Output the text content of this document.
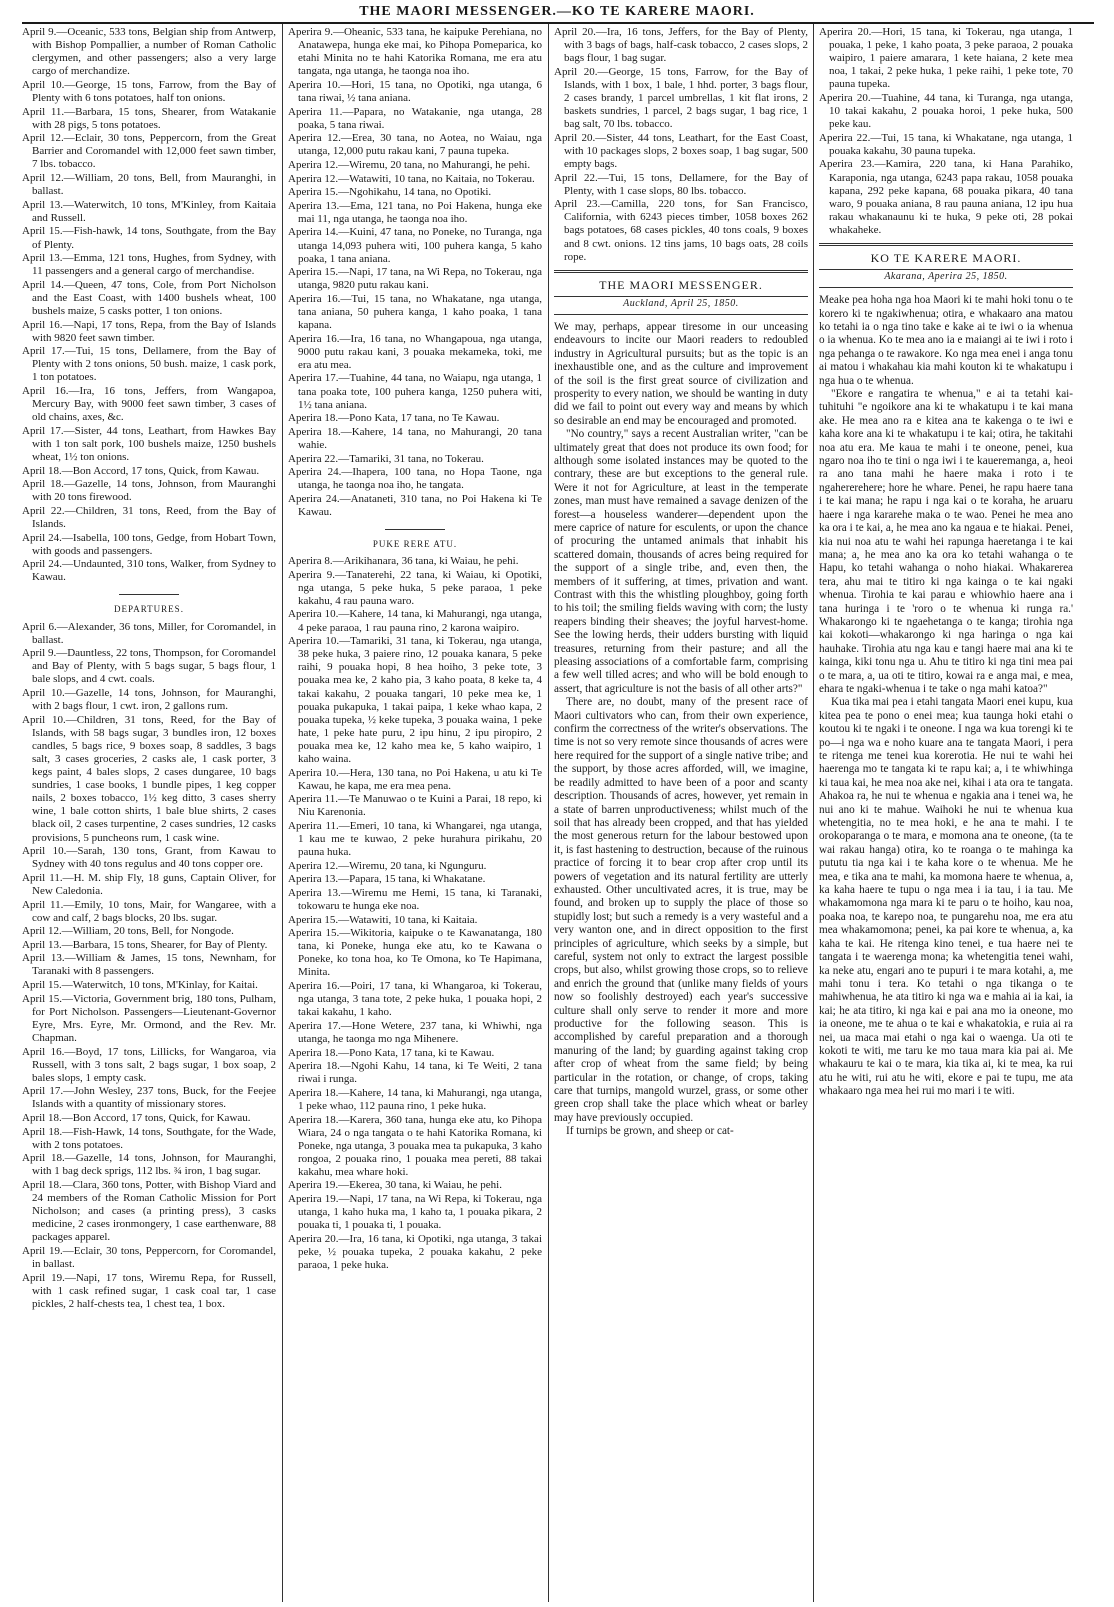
THE MAORI MESSENGER.—KO TE KARERE MAORI.
April 9.—Oceanic, 533 tons, Belgian ship from Antwerp, with Bishop Pompallier, a number of Roman Catholic clergymen, and other passengers; also a very large cargo of merchandize.
April 10.—George, 15 tons, Farrow, from the Bay of Plenty with 6 tons potatoes, half ton onions.
April 11.—Barbara, 15 tons, Shearer, from Watakanie with 28 pigs, 5 tons potatoes.
April 12.—Eclair, 30 tons, Peppercorn, from the Great Barrier and Coromandel with 12,000 feet sawn timber, 7 lbs. tobacco.
April 12.—William, 20 tons, Bell, from Mauranghi, in ballast.
April 13.—Waterwitch, 10 tons, M'Kinley, from Kaitaia and Russell.
April 15.—Fish-hawk, 14 tons, Southgate, from the Bay of Plenty.
April 13.—Emma, 121 tons, Hughes, from Sydney, with 11 passengers and a general cargo of merchandise.
April 14.—Queen, 47 tons, Cole, from Port Nicholson and the East Coast, with 1400 bushels wheat, 100 bushels maize, 5 casks potter, 1 ton onions.
April 16.—Napi, 17 tons, Repa, from the Bay of Islands with 9820 feet sawn timber.
April 17.—Tui, 15 tons, Dellamere, from the Bay of Plenty with 2 tons onions, 50 bush. maize, 1 cask pork, 1 ton potatoes.
April 16.—Ira, 16 tons, Jeffers, from Wangapoa, Mercury Bay, with 9000 feet sawn timber, 3 cases of old chains, axes, &c.
April 17.—Sister, 44 tons, Leathart, from Hawkes Bay with 1 ton salt pork, 100 bushels maize, 1250 bushels wheat, 1½ ton onions.
April 18.—Bon Accord, 17 tons, Quick, from Kawau.
April 18.—Gazelle, 14 tons, Johnson, from Mauranghi with 20 tons firewood.
April 22.—Children, 31 tons, Reed, from the Bay of Islands.
April 24.—Isabella, 100 tons, Gedge, from Hobart Town, with goods and passengers.
April 24.—Undaunted, 310 tons, Walker, from Sydney to Kawau.
DEPARTURES.
April 6.—Alexander, 36 tons, Miller, for Coromandel, in ballast.
April 9.—Dauntless, 22 tons, Thompson, for Coromandel and Bay of Plenty, with 5 bags sugar, 5 bags flour, 1 bale slops, and 4 cwt. coals.
April 10.—Gazelle, 14 tons, Johnson, for Mauranghi, with 2 bags flour, 1 cwt. iron, 2 gallons rum.
April 10.—Children, 31 tons, Reed, for the Bay of Islands, with 58 bags sugar, 3 bundles iron, 12 boxes candles, 5 bags rice, 9 boxes soap, 8 saddles, 3 bags salt, 3 cases groceries, 2 casks ale, 1 cask porter, 3 kegs paint, 4 bales slops, 2 cases dungaree, 10 bags sundries, 1 case books, 1 bundle pipes, 1 keg copper nails, 2 boxes tobacco, 1½ keg ditto, 3 cases sherry wine, 1 bale cotton shirts, 1 bale blue shirts, 2 cases black oil, 2 cases turpentine, 2 cases sundries, 12 casks provisions, 5 puncheons rum, 1 cask wine.
April 10.—Sarah, 130 tons, Grant, from Kawau to Sydney with 40 tons regulus and 40 tons copper ore.
April 11.—H. M. ship Fly, 18 guns, Captain Oliver, for New Caledonia.
April 11.—Emily, 10 tons, Mair, for Wangaree, with a cow and calf, 2 bags blocks, 20 lbs. sugar.
April 12.—William, 20 tons, Bell, for Nongode.
April 13.—Barbara, 15 tons, Shearer, for Bay of Plenty.
April 13.—William & James, 15 tons, Newnham, for Taranaki with 8 passengers.
April 15.—Waterwitch, 10 tons, M'Kinlay, for Kaitai.
April 15.—Victoria, Government brig, 180 tons, Pulham, for Port Nicholson. Passengers—Lieutenant-Governor Eyre, Mrs. Eyre, Mr. Ormond, and the Rev. Mr. Chapman.
April 16.—Boyd, 17 tons, Lillicks, for Wangaroa, via Russell, with 3 tons salt, 2 bags sugar, 1 box soap, 2 bales slops, 1 empty cask.
April 17.—John Wesley, 237 tons, Buck, for the Feejee Islands with a quantity of missionary stores.
April 18.—Bon Accord, 17 tons, Quick, for Kawau.
April 18.—Fish-Hawk, 14 tons, Southgate, for the Wade, with 2 tons potatoes.
April 18.—Gazelle, 14 tons, Johnson, for Mauranghi, with 1 bag deck sprigs, 112 lbs. ¾ iron, 1 bag sugar.
April 18.—Clara, 360 tons, Potter, with Bishop Viard and 24 members of the Roman Catholic Mission for Port Nicholson; and cases (a printing press), 3 casks medicine, 2 cases ironmongery, 1 case earthenware, 88 packages apparel.
April 19.—Eclair, 30 tons, Peppercorn, for Coromandel, in ballast.
April 19.—Napi, 17 tons, Wiremu Repa, for Russell, with 1 cask refined sugar, 1 cask coal tar, 1 case pickles, 2 half-chests tea, 1 chest tea, 1 box.
Aperira 9.—Oheanic, 533 tana, he kaipuke Perehiana, no Anatawepa, hunga eke mai, ko Pihopa Pomeparica, ko etahi Minita no te hahi Katorika Romana, me era atu tangata, nga utanga, he taonga noa iho.
Aperira 10.—Hori, 15 tana, no Opotiki, nga utanga, 6 tana riwai, ½ tana aniana.
Aperira 11.—Papara, no Watakanie, nga utanga, 28 poaka, 5 tana riwai.
Aperira 12.—Erea, 30 tana, no Aotea, no Waiau, nga utanga, 12,000 putu rakau kani, 7 pauna tupeka.
Aperira 12.—Wiremu, 20 tana, no Mahurangi, he pehi.
Aperira 12.—Watawiti, 10 tana, no Kaitaia, no Tokerau.
Aperira 15.—Ngohikahu, 14 tana, no Opotiki.
Aperira 13.—Ema, 121 tana, no Poi Hakena, hunga eke mai 11, nga utanga, he taonga noa iho.
Aperira 14.—Kuini, 47 tana, no Poneke, no Turanga, nga utanga 14,093 puhera witi, 100 puhera kanga, 5 kaho poaka, 1 tana aniana.
Aperira 15.—Napi, 17 tana, na Wi Repa, no Tokerau, nga utanga, 9820 putu rakau kani.
Aperira 16.—Tui, 15 tana, no Whakatane, nga utanga, tana aniana, 50 puhera kanga, 1 kaho poaka, 1 tana kapana.
Aperira 16.—Ira, 16 tana, no Whangapoua, nga utanga, 9000 putu rakau kani, 3 pouaka mekameka, toki, me era atu mea.
Aperira 17.—Tuahine, 44 tana, no Waiapu, nga utanga, 1 tana poaka tote, 100 puhera kanga, 1250 puhera witi, 1½ tana aniana.
Aperira 18.—Pono Kata, 17 tana, no Te Kawau.
Aperira 18.—Kahere, 14 tana, no Mahurangi, 20 tana wahie.
Aperira 22.—Tamariki, 31 tana, no Tokerau.
Aperira 24.—Ihapera, 100 tana, no Hopa Taone, nga utanga, he taonga noa iho, he tangata.
Aperira 24.—Anataneti, 310 tana, no Poi Hakena ki Te Kawau.
PUKE RERE ATU.
Aperira 8.—Arikihanara, 36 tana, ki Waiau, he pehi.
Aperira 9.—Tanaterehi, 22 tana, ki Waiau, ki Opotiki, nga utanga, 5 peke huka, 5 peke paraoa, 1 peke kakahu, 4 rau pauna waro.
Aperira 10.—Kahere, 14 tana, ki Mahurangi, nga utanga, 4 peke paraoa, 1 rau pauna rino, 2 karona waipiro.
Aperira 10.—Tamariki, 31 tana, ki Tokerau, nga utanga, 38 peke huka, 3 paiere rino, 12 pouaka kanara, 5 peke raihi, 9 pouaka hopi, 8 hea hoiho, 3 peke tote, 3 pouaka mea ke, 2 kaho pia, 3 kaho poata, 8 keke ta, 4 takai kakahu, 2 pouaka tangari, 10 peke mea ke, 1 pouaka pukapuka, 1 takai paipa, 1 keke whao kapa, 2 pouaka tupeka, ½ keke tupeka, 3 pouaka waina, 1 peke hate, 1 peke hate puru, 2 ipu hinu, 2 ipu piropiro, 2 pouaka mea ke, 12 kaho mea ke, 5 kaho waipiro, 1 kaho waina.
Aperira 10.—Hera, 130 tana, no Poi Hakena, u atu ki Te Kawau, he kapa, me era mea pena.
Aperira 11.—Te Manuwao o te Kuini a Parai, 18 repo, ki Niu Karenonia.
Aperira 11.—Emeri, 10 tana, ki Whangarei, nga utanga, 1 kau me te kuwao, 2 peke hurahura pirikahu, 20 pauna huka.
Aperira 12.—Wiremu, 20 tana, ki Ngunguru.
Aperira 13.—Papara, 15 tana, ki Whakatane.
Aperira 13.—Wiremu me Hemi, 15 tana, ki Taranaki, tokowaru te hunga eke noa.
Aperira 15.—Watawiti, 10 tana, ki Kaitaia.
Aperira 15.—Wikitoria, kaipuke o te Kawanatanga, 180 tana, ki Poneke, hunga eke atu, ko te Kawana o Poneke, ko tona hoa, ko Te Omona, ko Te Hapimana, Minita.
Aperira 16.—Poiri, 17 tana, ki Whangaroa, ki Tokerau, nga utanga, 3 tana tote, 2 peke huka, 1 pouaka hopi, 2 takai kakahu, 1 kaho.
Aperira 17.—Hone Wetere, 237 tana, ki Whiwhi, nga utanga, he taonga mo nga Mihenere.
Aperira 18.—Pono Kata, 17 tana, ki te Kawau.
Aperira 18.—Ngohi Kahu, 14 tana, ki Te Weiti, 2 tana riwai i runga.
Aperira 18.—Kahere, 14 tana, ki Mahurangi, nga utanga, 1 peke whao, 112 pauna rino, 1 peke huka.
Aperira 18.—Karera, 360 tana, hunga eke atu, ko Pihopa Wiara, 24 o nga tangata o te hahi Katorika Romana, ki Poneke, nga utanga, 3 pouaka mea ta pukapuka, 3 kaho rongoa, 2 pouaka rino, 1 pouaka mea pereti, 88 takai kakahu, mea whare hoki.
Aperira 19.—Ekerea, 30 tana, ki Waiau, he pehi.
Aperira 19.—Napi, 17 tana, na Wi Repa, ki Tokerau, nga utanga, 1 kaho huka ma, 1 kaho ta, 1 pouaka pikara, 2 pouaka ti, 1 pouaka ti, 1 pouaka.
Aperira 20.—Ira, 16 tana, ki Opotiki, nga utanga, 3 takai peke, ½ pouaka tupeka, 2 pouaka kakahu, 2 peke paraoa, 1 peke huka.
April 20.—Ira, 16 tons, Jeffers, for the Bay of Plenty, with 3 bags of bags, half-cask tobacco, 2 cases slops, 2 bags flour, 1 bag sugar.
April 20.—George, 15 tons, Farrow, for the Bay of Islands, with 1 box, 1 bale, 1 hhd. porter, 3 bags flour, 2 cases brandy, 1 parcel umbrellas, 1 kit flat irons, 2 baskets sundries, 1 parcel, 2 bags sugar, 1 bag rice, 1 bag salt, 70 lbs. tobacco.
April 20.—Sister, 44 tons, Leathart, for the East Coast, with 10 packages slops, 2 boxes soap, 1 bag sugar, 500 empty bags.
April 22.—Tui, 15 tons, Dellamere, for the Bay of Plenty, with 1 case slops, 80 lbs. tobacco.
April 23.—Camilla, 220 tons, for San Francisco, California, with 6243 pieces timber, 1058 boxes 262 bags potatoes, 68 cases pickles, 40 tons coals, 9 boxes and 8 cwt. onions. 12 tins jams, 10 bags oats, 28 coils rope.
THE MAORI MESSENGER.
Auckland, April 25, 1850.
We may, perhaps, appear tiresome in our unceasing endeavours to incite our Maori readers to redoubled industry in Agricultural pursuits; but as the topic is an inexhaustible one, and as the culture and improvement of the soil is the first great source of civilization and prosperity to every nation, we should be wanting in duty did we fail to point out every way and means by which so desirable an end may be encouraged and promoted.
"No country," says a recent Australian writer, "can be ultimately great that does not produce its own food; for although some isolated instances may be quoted to the contrary, these are but exceptions to the general rule. Were it not for Agriculture, at least in the temperate zones, man must have remained a savage denizen of the forest—a houseless wanderer—dependent upon the mere caprice of nature for esculents, or upon the chance of procuring the untamed animals that inhabit his scattered domain, thousands of acres being required for the support of a single tribe, and, even then, the members of it suffering, at times, privation and want. Contrast with this the whistling ploughboy, going forth to his toil; the smiling fields waving with corn; the lusty reapers binding their sheaves; the joyful harvest-home. See the lowing herds, their udders bursting with liquid treasures, returning from their pasture; and all the pleasing associations of a comfortable farm, comprising a few well tilled acres; and who will be bold enough to assert, that agriculture is not the basis of all other arts?"
There are, no doubt, many of the present race of Maori cultivators who can, from their own experience, confirm the correctness of the writer's observations. The time is not so very remote since thousands of acres were here required for the support of a single native tribe; and the support, by those acres afforded, will, we imagine, be readily admitted to have been of a poor and scanty description. Thousands of acres, however, yet remain in a state of barren unproductiveness; whilst much of the soil that has already been cropped, and that has yielded the most generous return for the labour bestowed upon it, is fast hastening to destruction, because of the ruinous practice of forcing it to bear crop after crop until its powers of vegetation and its natural fertility are utterly exhausted. Other uncultivated acres, it is true, may be found, and broken up to supply the place of those so stupidly lost; but such a remedy is a very wasteful and a very wanton one, and in direct opposition to the first principles of agriculture, which seeks by a simple, but careful, system not only to extract the largest possible crops, but also, whilst growing those crops, so to relieve and enrich the ground that (unlike many fields of yours now so foolishly destroyed) each year's successive culture shall only serve to render it more and more productive for the following season. This is accomplished by careful preparation and a thorough manuring of the land; by guarding against taking crop after crop of wheat from the same field; by being particular in the rotation, or change, of crops, taking care that turnips, mangold wurzel, grass, or some other green crop shall take the place which wheat or barley may have previously occupied.
If turnips be grown, and sheep or cat-
Aperira 20.—Hori, 15 tana, ki Tokerau, nga utanga, 1 pouaka, 1 peke, 1 kaho poata, 3 peke paraoa, 2 pouaka waipiro, 1 paiere amarara, 1 kete haiana, 2 kete mea noa, 1 takai, 2 peke huka, 1 peke raihi, 1 peke tote, 70 pauna tupeka.
Aperira 20.—Tuahine, 44 tana, ki Turanga, nga utanga, 10 takai kakahu, 2 pouaka horoi, 1 peke huka, 500 peke kau.
Aperira 22.—Tui, 15 tana, ki Whakatane, nga utanga, 1 pouaka kakahu, 30 pauna tupeka.
Aperira 23.—Kamira, 220 tana, ki Hana Parahiko, Karaponia, nga utanga, 6243 papa rakau, 1058 pouaka kapana, 292 peke kapana, 68 pouaka pikara, 40 tana waro, 9 pouaka aniana, 8 rau pauna aniana, 12 ipu hua rakau whakanaunu ki te huka, 9 peke oti, 28 pokai whakaheke.
KO TE KARERE MAORI.
Akarana, Aperira 25, 1850.
Meake pea hoha nga hoa Maori ki te mahi hoki tonu o te korero ki te ngakiwhenua; otira, e whakaaro ana matou ko tetahi ia o nga tino take e kake ai te iwi o ia whenua o ia whenua. Ko te mea ano ia e maiangi ai te iwi i roto i nga pehanga o te rawakore. Ko nga mea enei i anga tonu ai matou i whakahau kia mahi kouton ki te whakatupu i nga hua o te whenua.
"Ekore e rangatira te whenua," e ai ta tetahi kai-tuhituhi "e ngoikore ana ki te whakatupu i te kai mana ake. He mea ano ra e kitea ana te kakenga o te iwi e kaha kore ana ki te whakatupu i te kai; otira, he takitahi noa atu era. Me kaua te mahi i te oneone, penei, kua ngaro noa iho te tini o nga iwi i te kaueremanga, a, heoi ra ano tana mahi he haere maka i roto i te ngahererehere; hore he whare. Penei, he rapu haere tana i te kai mana; he rapu i nga kai o te koraha, he aruaru haere i nga kararehe maka o te wao. Penei he mea ano ka ora i te kai, a, he mea ano ka ngaua e te hiakai. Penei, kia nui noa atu te wahi hei rapunga haeretanga i te kai mana; a, he mea ano ka ora ko tetahi wahanga o te Hapu, ko tetahi wahanga o noho hiakai. Whakarerea tera, ahu mai te titiro ki nga kainga o te kai ngaki whenua. Tirohia te kai parau e whiowhio haere ana i tana huringa i te 'roro o te whenua ki runga ra.' Whakarongo ki te ngaehetanga o te kanga; tirohia nga kai kokoti—whakarongo ki nga haringa o nga kai hauhake. Tirohia atu nga kau e tangi haere mai ana ki te kainga, kiki tonu nga u. Ahu te titiro ki nga tini mea pai o te mara, a, ua oti te titiro, kowai ra e anga mai, e mea, ehara te ngaki-whenua i te take o nga mahi katoa?"
Kua tika mai pea i etahi tangata Maori enei kupu, kua kitea pea te pono o enei mea; kua taunga hoki etahi o koutou ki te ngaki i te oneone. I nga wa kua torengi ki te po—i nga wa e noho kuare ana te tangata Maori, i pera te ritenga me tenei kua korerotia. He nui te wahi hei haerenga mo te tangata ki te rapu kai; a, i te whiwhinga ki taua kai, he mea noa ake nei, kihai i ata ora te tangata. Ahakoa ra, he nui te whenua e ngakia ana i tenei wa, he nui ano ki te mahue. Waihoki he nui te whenua kua whetengitia, no te mea hoki, e he ana te mahi. I te orokoparanga o te mara, e momona ana te oneone, (ta te wai rakau hanga) otira, ko te roanga o te mahinga ka pututu tia nga kai i te kaha kore o te whenua. Me he mea, e tika ana te mahi, ka momona haere te whenua, a, ka kaha haere te tupu o nga mea i ia tau, i ia tau. Me whakamomona nga mara ki te paru o te hoiho, kau noa, poaka noa, te karepo noa, te pungarehu noa, me era atu mea whakamomona; penei, ka pai kore te whenua, a, ka kaha te kai. He ritenga kino tenei, e tua haere nei te tangata i te waerenga mona; ka whetengitia tenei wahi, ka neke atu, engari ano te pupuri i te mara kotahi, a, me mahi tonu i tera. Ko tetahi o nga tikanga o te mahiwhenua, he ata titiro ki nga wa e mahia ai ia kai, ia kai; he ata titiro, ki nga kai e pai ana mo ia oneone, mo ia oneone, me te ahua o te kai e whakatokia, e ruia ai ra nei, ua maca mai etahi o nga kai o waenga. Ua oti te kokoti te witi, me taru ke mo taua mara kia pai ai. Me whakauru te kai o te mara, kia tika ai, ki te mea, ka rui atu he witi, rui atu he witi, ekore e pai te tupu, me ata whakaaro nga mea hei rui mo mari i te witi.
